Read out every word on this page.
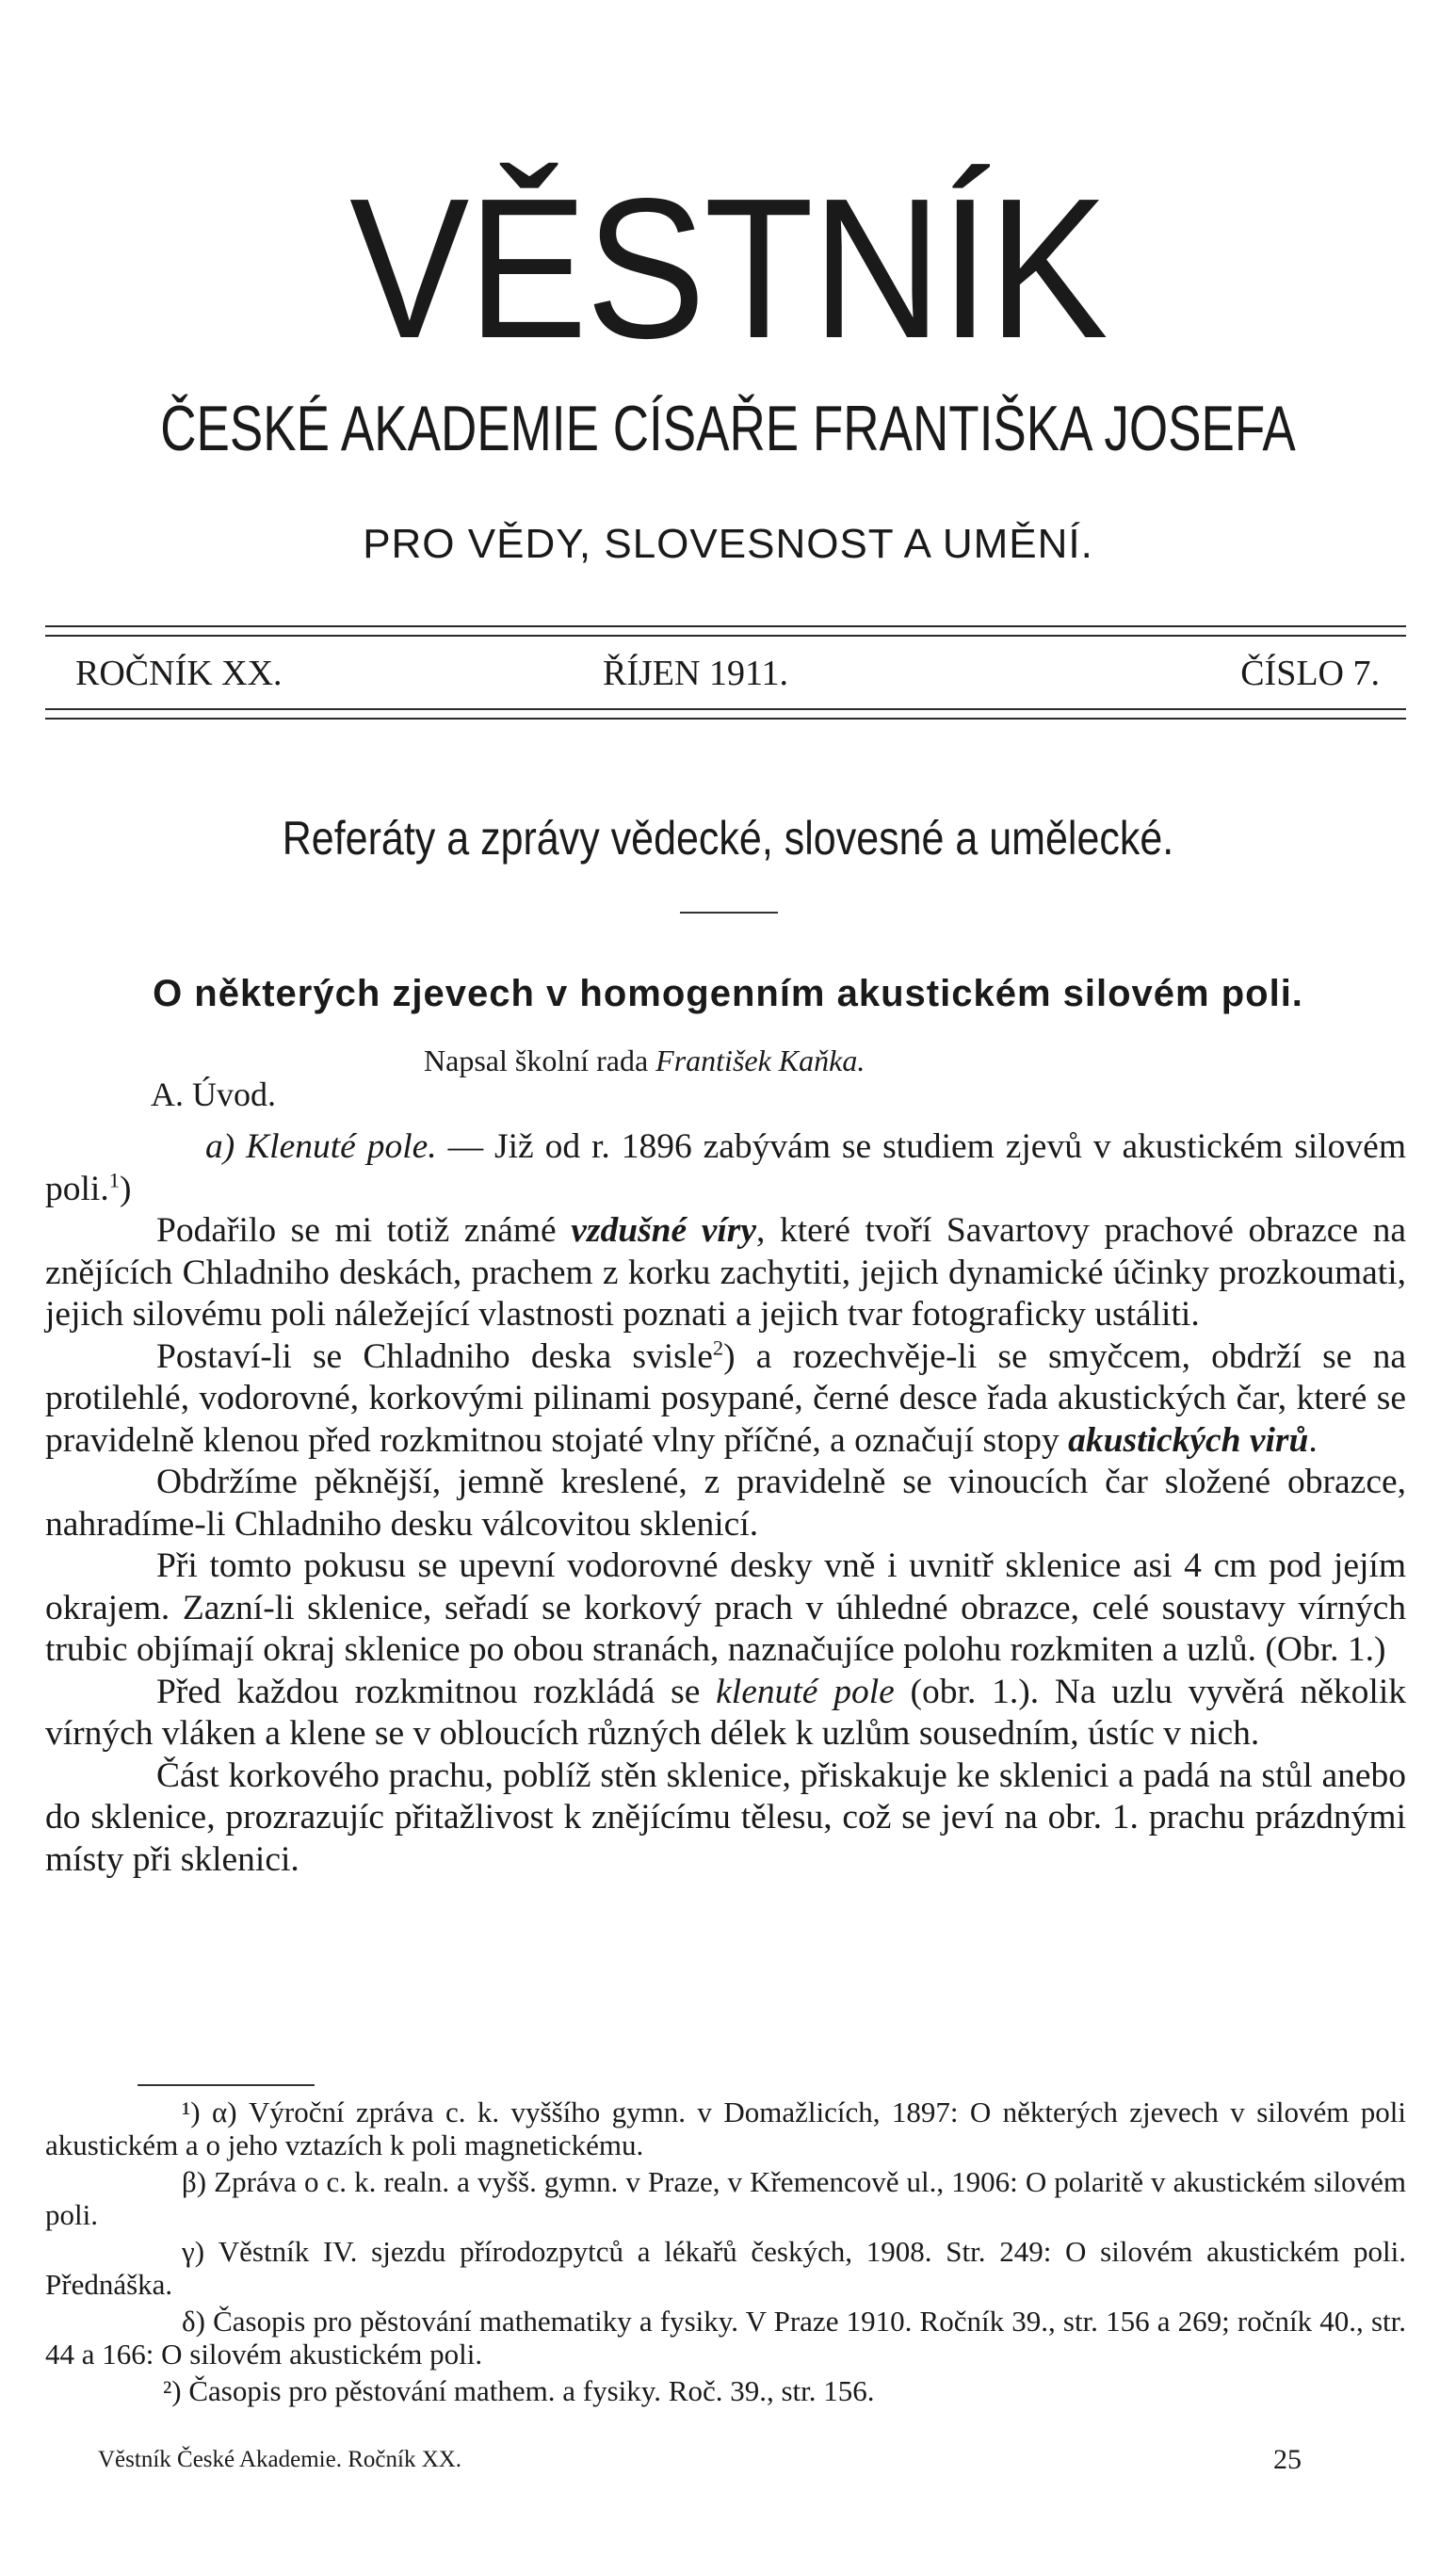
VĚSTNÍK
ČESKÉ AKADEMIE CÍSAŘE FRANTIŠKA JOSEFA
PRO VĚDY, SLOVESNOST A UMĚNÍ.
ROČNÍK XX.	ŘÍJEN 1911.	ČÍSLO 7.
Referáty a zprávy vědecké, slovesné a umělecké.
O některých zjevech v homogenním akustickém silovém poli.
Napsal školní rada František Kaňka.
A. Úvod.

a) Klenuté pole. — Již od r. 1896 zabývám se studiem zjevů v akustickém silovém poli.$^1$)

Podařilo se mi totiž známé vzdušné víry, které tvoří Savartovy prachové obrazce na znějících Chladniho deskách, prachem z korku zachytiti, jejich dynamické účinky prozkoumati, jejich silovému poli náležející vlastnosti poznati a jejich tvar fotograficky ustáliti.

Postaví-li se Chladniho deska svisle$^2$) a rozechvěje-li se smyčcem, obdrží se na protilehlé, vodorovné, korkovými pilinami posypané, černé desce řada akustických čar, které se pravidelně klenou před rozkmitnou stojaté vlny příčné, a označují stopy akustických virů.

Obdržíme pěknější, jemně kreslené, z pravidelně se vinoucích čar složené obrazce, nahradíme-li Chladniho desku válcovitou sklenicí.

Při tomto pokusu se upevní vodorovné desky vně i uvnitř sklenice asi 4 cm pod jejím okrajem. Zazní-li sklenice, seřadí se korkový prach v úhledné obrazce, celé soustavy vírných trubic objímají okraj sklenice po obou stranách, naznačujíce polohu rozkmiten a uzlů. (Obr. 1.)

Před každou rozkmitnou rozkládá se klenuté pole (obr. 1.). Na uzlu vyvěrá několik vírných vláken a klene se v obloucích různých délek k uzlům sousedním, ústíc v nich.

Část korkového prachu, poblíž stěn sklenice, přiskakuje ke sklenici a padá na stůl anebo do sklenice, prozrazujíc přitažlivost k znějícímu tělesu, což se jeví na obr. 1. prachu prázdnými místy při sklenici.

¹) α) Výroční zpráva c. k. vyššího gymn. v Domažlicích, 1897: O některých zjevech v silovém poli akustickém a o jeho vztazích k poli magnetickému.

β) Zpráva o c. k. realn. a vyšš. gymn. v Praze, v Křemencově ul., 1906: O polaritě v akustickém silovém poli.

γ) Věstník IV. sjezdu přírodozpytců a lékařů českých, 1908. Str. 249: O silovém akustickém poli. Přednáška.

δ) Časopis pro pěstování mathematiky a fysiky. V Praze 1910. Ročník 39., str. 156 a 269; ročník 40., str. 44 a 166: O silovém akustickém poli.

²) Časopis pro pěstování mathem. a fysiky. Roč. 39., str. 156.

Věstník České Akademie. Ročník XX.	25
